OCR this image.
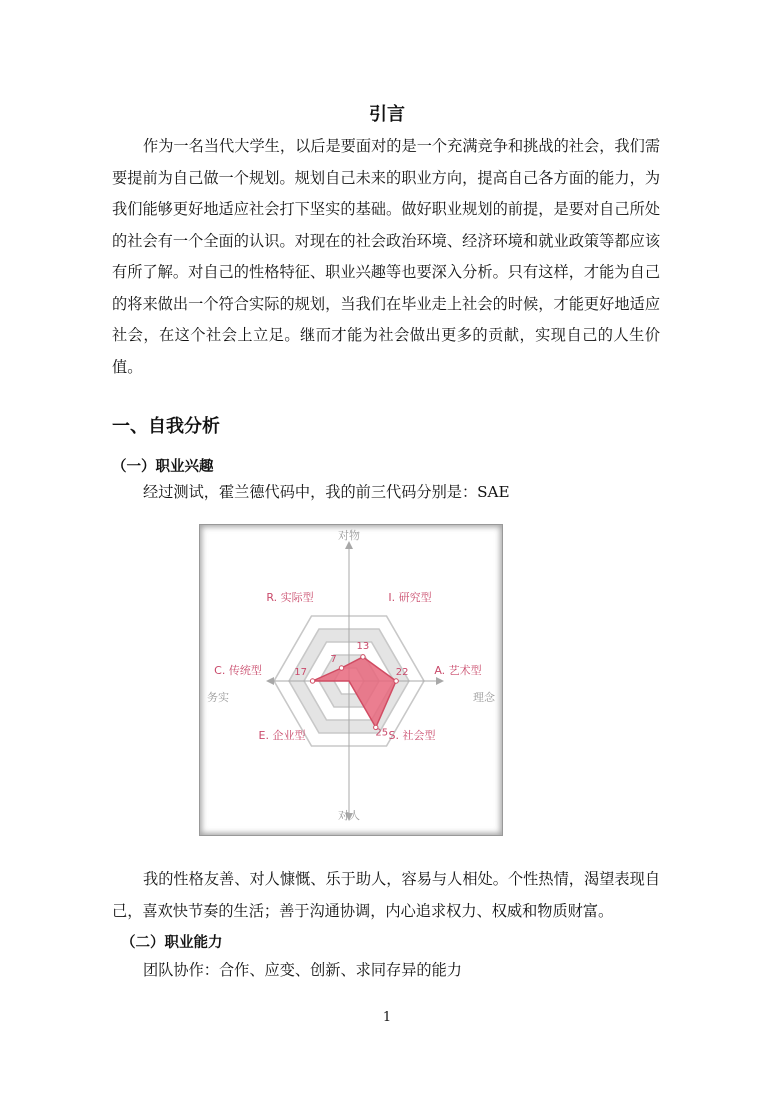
引言

作为一名当代大学生，以后是要面对的是一个充满竞争和挑战的社会，我们需要提前为自己做一个规划。规划自己未来的职业方向，提高自己各方面的能力，为我们能够更好地适应社会打下坚实的基础。做好职业规划的前提，是要对自己所处的社会有一个全面的认识。对现在的社会政治环境、经济环境和就业政策等都应该有所了解。对自己的性格特征、职业兴趣等也要深入分析。只有这样，才能为自己的将来做出一个符合实际的规划，当我们在毕业走上社会的时候，才能更好地适应社会，在这个社会上立足。继而才能为社会做出更多的贡献，实现自己的人生价值。

一、自我分析
（一）职业兴趣

经过测试，霍兰德代码中，我的前三代码分别是：SAE

对物
对人
务实	理念
7
13
22
25
17
R. 实际型	I. 研究型
A. 艺术型
S. 社会型
E. 企业型
C. 传统型

我的性格友善、对人慷慨、乐于助人，容易与人相处。个性热情，渴望表现自己，喜欢快节奏的生活；善于沟通协调，内心追求权力、权威和物质财富。

（二）职业能力

团队协作：合作、应变、创新、求同存异的能力

1
